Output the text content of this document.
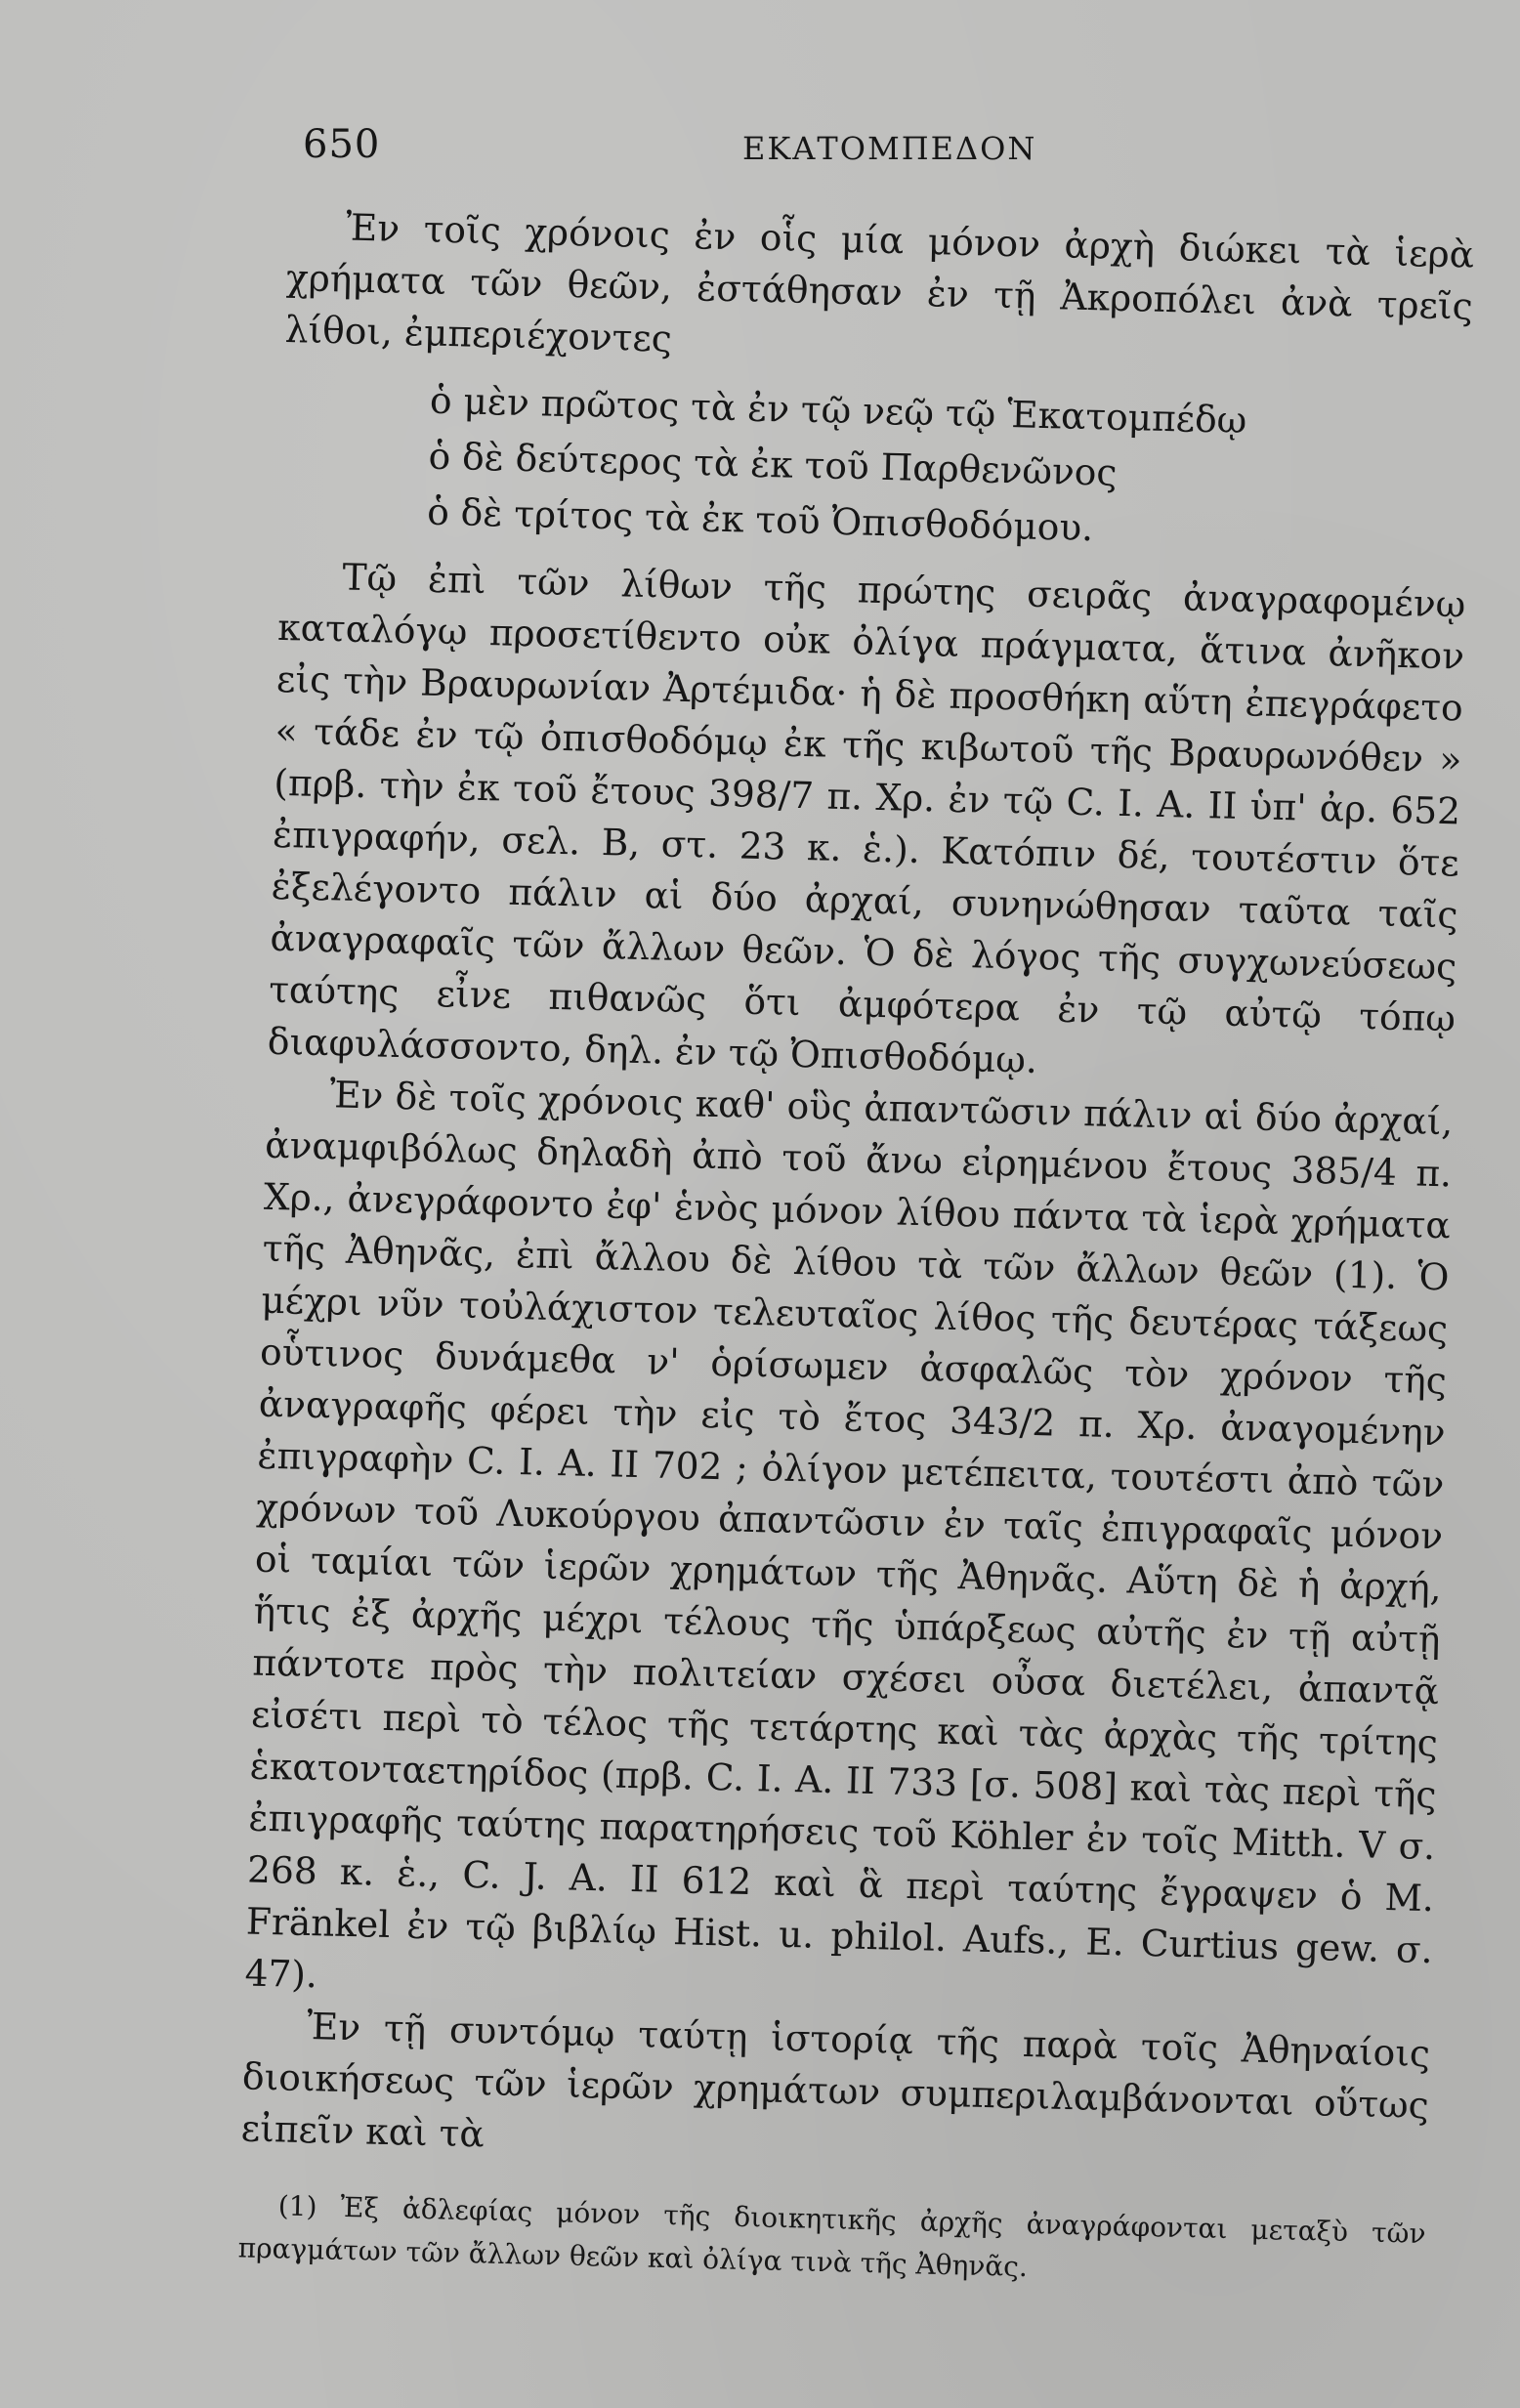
650	ΕΚΑΤΟΜΠΕΔΟΝ

Ἐν τοῖς χρόνοις ἐν οἷς μία μόνον ἀρχὴ διώκει τὰ ἱερὰ χρήματα τῶν θεῶν, ἐστάθησαν ἐν τῇ Ἀκροπόλει ἀνὰ τρεῖς λίθοι, ἐμπεριέχοντες

ὁ μὲν πρῶτος τὰ ἐν τῷ νεῷ τῷ Ἑκατομπέδῳ
ὁ δὲ δεύτερος τὰ ἐκ τοῦ Παρθενῶνος
ὁ δὲ τρίτος τὰ ἐκ τοῦ Ὀπισθοδόμου.

Τῷ ἐπὶ τῶν λίθων τῆς πρώτης σειρᾶς ἀναγραφομένῳ καταλόγῳ προσετίθεντο οὐκ ὀλίγα πράγματα, ἅτινα ἀνῆκον εἰς τὴν Βραυρωνίαν Ἀρτέμιδα· ἡ δὲ προσθήκη αὕτη ἐπεγράφετο « τάδε ἐν τῷ ὀπισθοδόμῳ ἐκ τῆς κιβωτοῦ τῆς Βραυρωνόθεν » (πρβ. τὴν ἐκ τοῦ ἔτους 398/7 π. Χρ. ἐν τῷ C. I. A. II ὑπ' ἀρ. 652 ἐπιγραφήν, σελ. Β, στ. 23 κ. ἑ.). Κατόπιν δέ, τουτέστιν ὅτε ἐξελέγοντο πάλιν αἱ δύο ἀρχαί, συνηνώθησαν ταῦτα ταῖς ἀναγραφαῖς τῶν ἄλλων θεῶν. Ὁ δὲ λόγος τῆς συγχωνεύσεως ταύτης εἶνε πιθανῶς ὅτι ἀμφότερα ἐν τῷ αὐτῷ τόπῳ διαφυλάσσοντο, δηλ. ἐν τῷ Ὀπισθοδόμῳ.

Ἐν δὲ τοῖς χρόνοις καθ' οὓς ἀπαντῶσιν πάλιν αἱ δύο ἀρχαί, ἀναμφιβόλως δηλαδὴ ἀπὸ τοῦ ἄνω εἰρημένου ἔτους 385/4 π. Χρ., ἀνεγράφοντο ἐφ' ἑνὸς μόνον λίθου πάντα τὰ ἱερὰ χρήματα τῆς Ἀθηνᾶς, ἐπὶ ἄλλου δὲ λίθου τὰ τῶν ἄλλων θεῶν (1). Ὁ μέχρι νῦν τοὐλάχιστον τελευταῖος λίθος τῆς δευτέρας τάξεως οὗτινος δυνάμεθα ν' ὁρίσωμεν ἀσφαλῶς τὸν χρόνον τῆς ἀναγραφῆς φέρει τὴν εἰς τὸ ἔτος 343/2 π. Χρ. ἀναγομένην ἐπιγραφὴν C. I. A. II 702 ; ὀλίγον μετέπειτα, τουτέστι ἀπὸ τῶν χρόνων τοῦ Λυκούργου ἀπαντῶσιν ἐν ταῖς ἐπιγραφαῖς μόνον οἱ ταμίαι τῶν ἱερῶν χρημάτων τῆς Ἀθηνᾶς. Αὕτη δὲ ἡ ἀρχή, ἥτις ἐξ ἀρχῆς μέχρι τέλους τῆς ὑπάρξεως αὐτῆς ἐν τῇ αὐτῇ πάντοτε πρὸς τὴν πολιτείαν σχέσει οὖσα διετέλει, ἀπαντᾷ εἰσέτι περὶ τὸ τέλος τῆς τετάρτης καὶ τὰς ἀρχὰς τῆς τρίτης ἑκατονταετηρίδος (πρβ. C. I. A. II 733 [σ. 508] καὶ τὰς περὶ τῆς ἐπιγραφῆς ταύτης παρατηρήσεις τοῦ Köhler ἐν τοῖς Mitth. V σ. 268 κ. ἑ., C. J. A. II 612 καὶ ἃ περὶ ταύτης ἔγραψεν ὁ M. Fränkel ἐν τῷ βιβλίῳ Hist. u. philol. Aufs., E. Curtius gew. σ. 47).

Ἐν τῇ συντόμῳ ταύτῃ ἱστορίᾳ τῆς παρὰ τοῖς Ἀθηναίοις διοικήσεως τῶν ἱερῶν χρημάτων συμπεριλαμβάνονται οὕτως εἰπεῖν καὶ τὰ

(1) Ἐξ ἀδλεφίας μόνον τῆς διοικητικῆς ἀρχῆς ἀναγράφονται μεταξὺ τῶν πραγμάτων τῶν ἄλλων θεῶν καὶ ὀλίγα τινὰ τῆς Ἀθηνᾶς.
